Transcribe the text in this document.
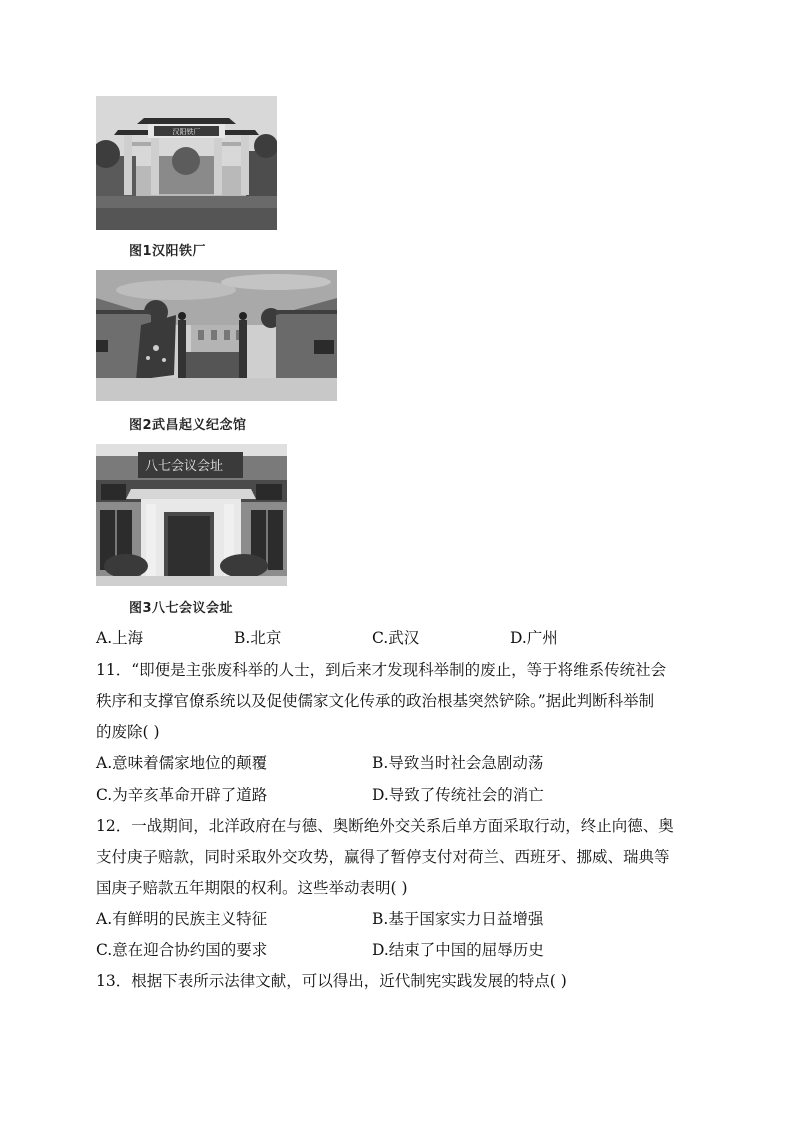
汉阳铁厂
图1汉阳铁厂
图2武昌起义纪念馆
八七会议会址
图3八七会议会址
A.上海	B.北京	C.武汉	D.广州
11．“即便是主张废科举的人士，到后来才发现科举制的废止，等于将维系传统社会
秩序和支撑官僚系统以及促使儒家文化传承的政治根基突然铲除。”据此判断科举制
的废除( )
A.意味着儒家地位的颠覆	B.导致当时社会急剧动荡
C.为辛亥革命开辟了道路	D.导致了传统社会的消亡
12．一战期间，北洋政府在与德、奥断绝外交关系后单方面采取行动，终止向德、奥
支付庚子赔款，同时采取外交攻势，赢得了暂停支付对荷兰、西班牙、挪威、瑞典等
国庚子赔款五年期限的权利。这些举动表明( )
A.有鲜明的民族主义特征	B.基于国家实力日益增强
C.意在迎合协约国的要求	D.结束了中国的屈辱历史
13．根据下表所示法律文献，可以得出，近代制宪实践发展的特点( )
